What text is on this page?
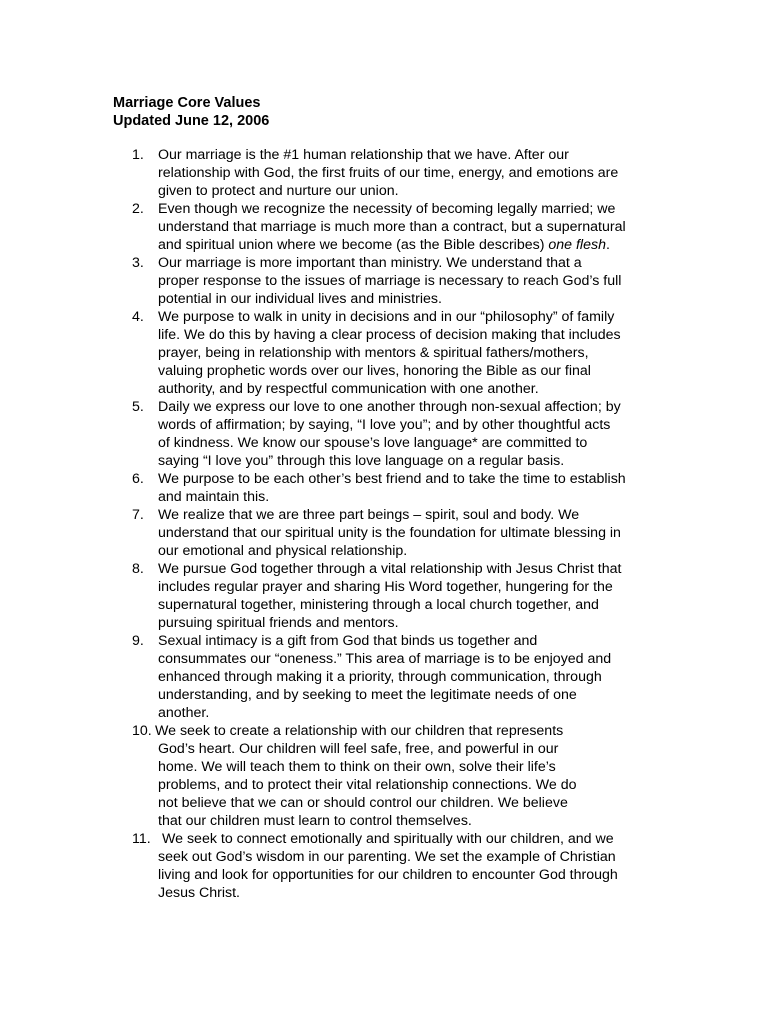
Marriage Core Values
Updated June 12, 2006
1. Our marriage is the #1 human relationship that we have. After our
relationship with God, the first fruits of our time, energy, and emotions are
given to protect and nurture our union.
2. Even though we recognize the necessity of becoming legally married; we
understand that marriage is much more than a contract, but a supernatural
and spiritual union where we become (as the Bible describes) one flesh.
3. Our marriage is more important than ministry. We understand that a
proper response to the issues of marriage is necessary to reach God’s full
potential in our individual lives and ministries.
4. We purpose to walk in unity in decisions and in our “philosophy” of family
life. We do this by having a clear process of decision making that includes
prayer, being in relationship with mentors & spiritual fathers/mothers,
valuing prophetic words over our lives, honoring the Bible as our final
authority, and by respectful communication with one another.
5. Daily we express our love to one another through non-sexual affection; by
words of affirmation; by saying, “I love you”; and by other thoughtful acts
of kindness. We know our spouse’s love language* are committed to
saying “I love you” through this love language on a regular basis.
6. We purpose to be each other’s best friend and to take the time to establish
and maintain this.
7. We realize that we are three part beings – spirit, soul and body. We
understand that our spiritual unity is the foundation for ultimate blessing in
our emotional and physical relationship.
8. We pursue God together through a vital relationship with Jesus Christ that
includes regular prayer and sharing His Word together, hungering for the
supernatural together, ministering through a local church together, and
pursuing spiritual friends and mentors.
9. Sexual intimacy is a gift from God that binds us together and
consummates our “oneness.” This area of marriage is to be enjoyed and
enhanced through making it a priority, through communication, through
understanding, and by seeking to meet the legitimate needs of one
another.
10. We seek to create a relationship with our children that represents
God’s heart. Our children will feel safe, free, and powerful in our
home. We will teach them to think on their own, solve their life’s
problems, and to protect their vital relationship connections. We do
not believe that we can or should control our children. We believe
that our children must learn to control themselves.
11. We seek to connect emotionally and spiritually with our children, and we
seek out God’s wisdom in our parenting. We set the example of Christian
living and look for opportunities for our children to encounter God through
Jesus Christ.
